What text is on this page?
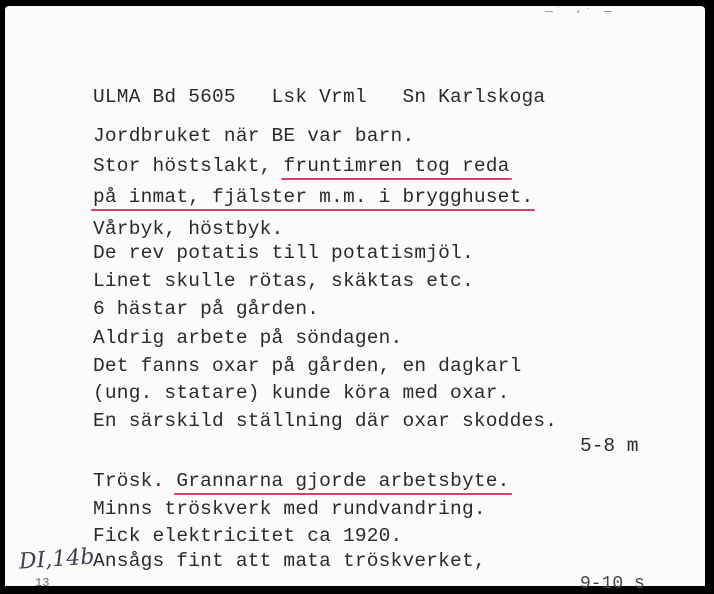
—ˈ ·ˑ —
ULMA Bd 5605   Lsk Vrml   Sn Karlskoga
Jordbruket när BE var barn.
Stor höstslakt, fruntimren tog reda
på inmat, fjälster m.m. i brygghuset.
Vårbyk, höstbyk.
De rev potatis till potatismjöl.
Linet skulle rötas, skäktas etc.
6 hästar på gården.
Aldrig arbete på söndagen.
Det fanns oxar på gården, en dagkarl
(ung. statare) kunde köra med oxar.
En särskild ställning där oxar skoddes.
5-8 m
Trösk. Grannarna gjorde arbetsbyte.
Minns tröskverk med rundvandring.
Fick elektricitet ca 1920.
Ansågs fint att mata tröskverket,
DI,14b
13	9-10 s
